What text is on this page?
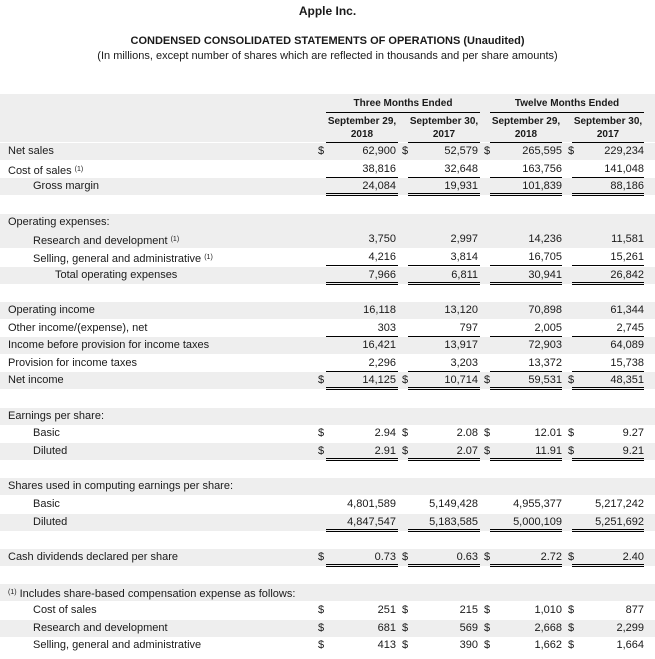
Apple Inc.
CONDENSED CONSOLIDATED STATEMENTS OF OPERATIONS (Unaudited)
(In millions, except number of shares which are reflected in thousands and per share amounts)
Three Months Ended	Twelve Months Ended
September 29,
2018
September 30,
2017
September 29,
2018
September 30,
2017
Net sales	$	62,900 $	52,579 $	265,595 $	229,234
Cost of sales $^{(1)}$	38,816	32,648	163,756	141,048
Gross margin	24,084	19,931	101,839	88,186
Operating expenses:
Research and development $^{(1)}$	3,750	2,997	14,236	11,581
Selling, general and administrative $^{(1)}$	4,216	3,814	16,705	15,261
Total operating expenses	7,966	6,811	30,941	26,842
Operating income	16,118	13,120	70,898	61,344
Other income/(expense), net	303	797	2,005	2,745
Income before provision for income taxes	16,421	13,917	72,903	64,089
Provision for income taxes	2,296	3,203	13,372	15,738
Net income	$	14,125 $	10,714 $	59,531 $	48,351
Earnings per share:
Basic	$	2.94 $	2.08 $	12.01 $	9.27
Diluted	$	2.91 $	2.07 $	11.91 $	9.21
Shares used in computing earnings per share:
Basic	4,801,589	5,149,428	4,955,377	5,217,242
Diluted	4,847,547	5,183,585	5,000,109	5,251,692
Cash dividends declared per share	$	0.73 $	0.63 $	2.72 $	2.40
$^{(1)}$ Includes share-based compensation expense as follows:
Cost of sales	$	251 $	215 $	1,010 $	877
Research and development	$	681 $	569 $	2,668 $	2,299
Selling, general and administrative	$	413 $	390 $	1,662 $	1,664
